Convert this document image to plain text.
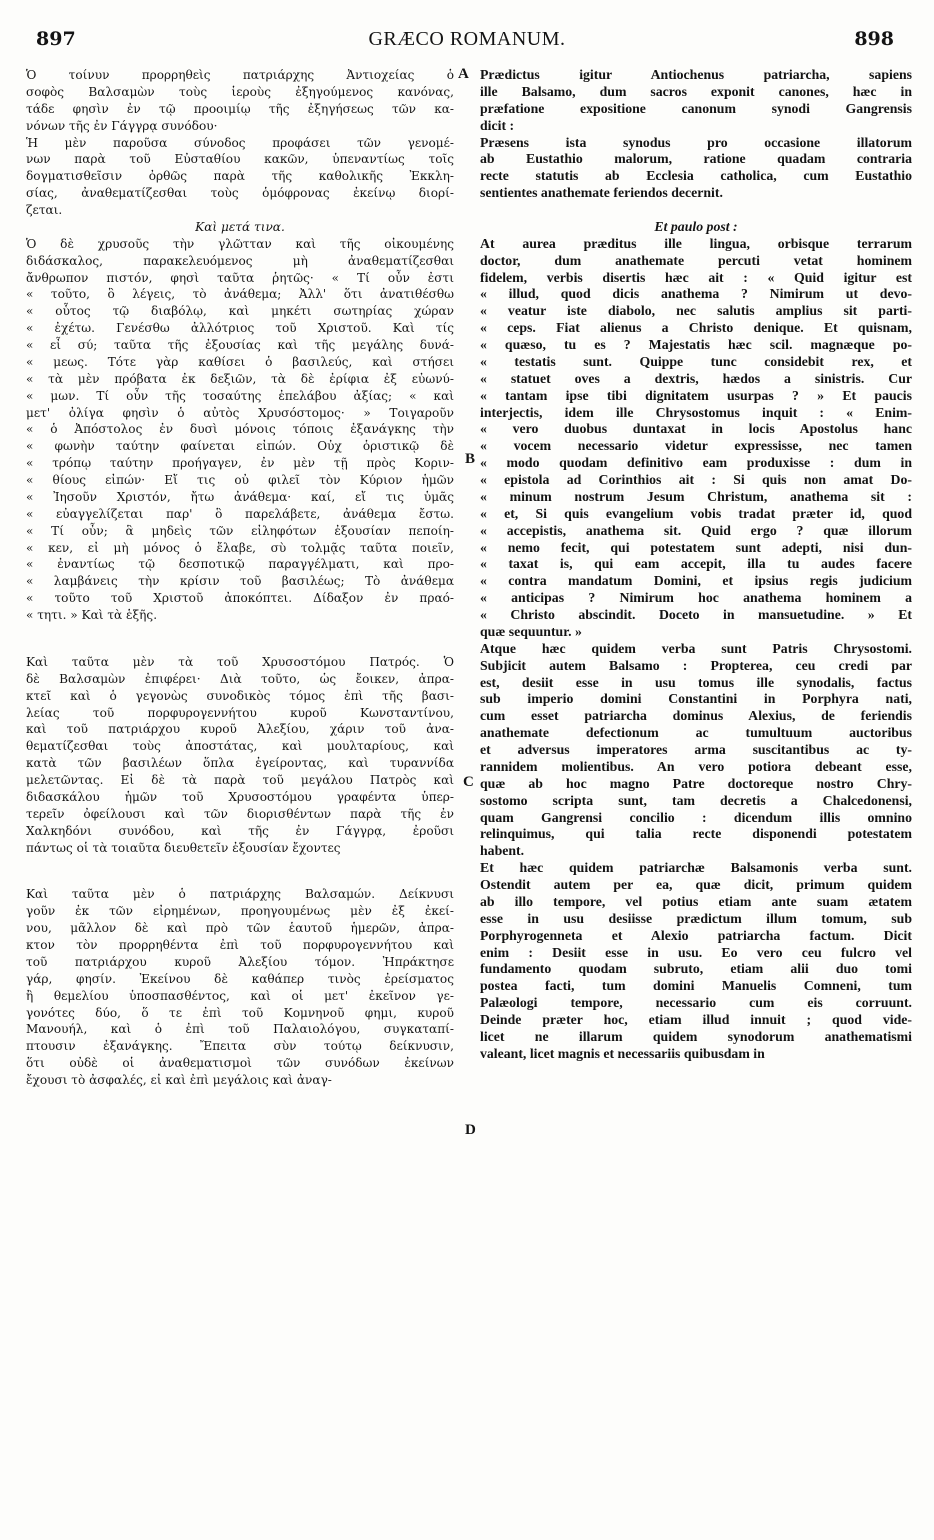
897	GRÆCO ROMANUM.	898
Ὁ τοίνυν προρρηθεὶς πατριάρχης Ἀντιοχείας ὁ
σοφὸς Βαλσαμὼν τοὺς ἱεροὺς ἐξηγούμενος κανόνας,
τάδε φησὶν ἐν τῷ προοιμίῳ τῆς ἐξηγήσεως τῶν κα-
νόνων τῆς ἐν Γάγγρᾳ συνόδου·
Ἡ μὲν παροῦσα σύνοδος προφάσει τῶν γενομέ-
νων παρὰ τοῦ Εὐσταθίου κακῶν, ὑπεναντίως τοῖς
δογματισθεῖσιν ὀρθῶς παρὰ τῆς καθολικῆς Ἐκκλη-
σίας, ἀναθεματίζεσθαι τοὺς ὁμόφρονας ἐκείνῳ διορί-
ζεται.
Καὶ μετά τινα.
Ὁ δὲ χρυσοῦς τὴν γλῶτταν καὶ τῆς οἰκουμένης
διδάσκαλος, παρακελευόμενος μὴ ἀναθεματίζεσθαι
ἄνθρωπον πιστόν, φησὶ ταῦτα ῥητῶς· « Τί οὖν ἐστι
« τοῦτο, ὃ λέγεις, τὸ ἀνάθεμα; Ἀλλ' ὅτι ἀνατιθέσθω
« οὗτος τῷ διαβόλῳ, καὶ μηκέτι σωτηρίας χώραν
« ἐχέτω. Γενέσθω ἀλλότριος τοῦ Χριστοῦ. Καὶ τίς
« εἶ σύ; ταῦτα τῆς ἐξουσίας καὶ τῆς μεγάλης δυνά-
« μεως. Τότε γὰρ καθίσει ὁ βασιλεύς, καὶ στήσει
« τὰ μὲν πρόβατα ἐκ δεξιῶν, τὰ δὲ ἐρίφια ἐξ εὐωνύ-
« μων. Τί οὖν τῆς τοσαύτης ἐπελάβου ἀξίας; « καὶ
μετ' ὀλίγα φησὶν ὁ αὐτὸς Χρυσόστομος· » Τοιγαροῦν
« ὁ Ἀπόστολος ἐν δυσὶ μόνοις τόποις ἐξανάγκης τὴν
« φωνὴν ταύτην φαίνεται εἰπών. Οὐχ ὁριστικῷ δὲ
« τρόπῳ ταύτην προήγαγεν, ἐν μὲν τῇ πρὸς Κοριν-
« θίους εἰπών· Εἴ τις οὐ φιλεῖ τὸν Κύριον ἡμῶν
« Ἰησοῦν Χριστόν, ἤτω ἀνάθεμα· καί, εἴ τις ὑμᾶς
« εὐαγγελίζεται παρ' ὃ παρελάβετε, ἀνάθεμα ἔστω.
« Τί οὖν; ἃ μηδεὶς τῶν εἰληφότων ἐξουσίαν πεποίη-
« κεν, εἰ μὴ μόνος ὁ ἔλαβε, σὺ τολμᾷς ταῦτα ποιεῖν,
« ἐναντίως τῷ δεσποτικῷ παραγγέλματι, καὶ προ-
« λαμβάνεις τὴν κρίσιν τοῦ βασιλέως; Τὸ ἀνάθεμα
« τοῦτο τοῦ Χριστοῦ ἀποκόπτει. Δίδαξον ἐν πραό-
« τητι. » Καὶ τὰ ἑξῆς.
Καὶ ταῦτα μὲν τὰ τοῦ Χρυσοστόμου Πατρός. Ὁ
δὲ Βαλσαμὼν ἐπιφέρει· Διὰ τοῦτο, ὡς ἔοικεν, ἀπρα-
κτεῖ καὶ ὁ γεγονὼς συνοδικὸς τόμος ἐπὶ τῆς βασι-
λείας τοῦ πορφυρογεννήτου κυροῦ Κωνσταντίνου,
καὶ τοῦ πατριάρχου κυροῦ Ἀλεξίου, χάριν τοῦ ἀνα-
θεματίζεσθαι τοὺς ἀποστάτας, καὶ μουλταρίους, καὶ
κατὰ τῶν βασιλέων ὅπλα ἐγείροντας, καὶ τυραννίδα
μελετῶντας. Εἰ δὲ τὰ παρὰ τοῦ μεγάλου Πατρὸς καὶ
διδασκάλου ἡμῶν τοῦ Χρυσοστόμου γραφέντα ὑπερ-
τερεῖν ὀφείλουσι καὶ τῶν διορισθέντων παρὰ τῆς ἐν
Χαλκηδόνι συνόδου, καὶ τῆς ἐν Γάγγρᾳ, ἐροῦσι
πάντως οἱ τὰ τοιαῦτα διευθετεῖν ἐξουσίαν ἔχοντες
Καὶ ταῦτα μὲν ὁ πατριάρχης Βαλσαμών. Δείκνυσι
γοῦν ἐκ τῶν εἰρημένων, προηγουμένως μὲν ἐξ ἐκεί-
νου, μᾶλλον δὲ καὶ πρὸ τῶν ἑαυτοῦ ἡμερῶν, ἀπρα-
κτον τὸν προρρηθέντα ἐπὶ τοῦ πορφυρογεννήτου καὶ
τοῦ πατριάρχου κυροῦ Ἀλεξίου τόμον. Ἠπράκτησε
γάρ, φησίν. Ἐκείνου δὲ καθάπερ τινὸς ἐρείσματος
ἢ θεμελίου ὑποσπασθέντος, καὶ οἱ μετ' ἐκεῖνον γε-
γονότες δύο, ὅ τε ἐπὶ τοῦ Κομνηνοῦ φημι, κυροῦ
Μανουήλ, καὶ ὁ ἐπὶ τοῦ Παλαιολόγου, συγκαταπί-
πτουσιν ἐξανάγκης. Ἔπειτα σὺν τούτῳ δείκνυσιν,
ὅτι οὐδὲ οἱ ἀναθεματισμοὶ τῶν συνόδων ἐκείνων
ἔχουσι τὸ ἀσφαλές, εἰ καὶ ἐπὶ μεγάλοις καὶ ἀναγ-
Prædictus igitur Antiochenus patriarcha, sapiens
ille Balsamo, dum sacros exponit canones, hæc in
præfatione expositione canonum synodi Gangrensis
dicit :
Præsens ista synodus pro occasione illatorum
ab Eustathio malorum, ratione quadam contraria
recte statutis ab Ecclesia catholica, cum Eustathio
sentientes anathemate feriendos decernit.
Et paulo post :
At aurea præditus ille lingua, orbisque terrarum
doctor, dum anathemate percuti vetat hominem
fidelem, verbis disertis hæc ait : « Quid igitur est
« illud, quod dicis anathema ? Nimirum ut devo-
« veatur iste diabolo, nec salutis amplius sit parti-
« ceps. Fiat alienus a Christo denique. Et quisnam,
« quæso, tu es ? Majestatis hæc scil. magnæque po-
« testatis sunt. Quippe tunc considebit rex, et
« statuet oves a dextris, hædos a sinistris. Cur
« tantam ipse tibi dignitatem usurpas ? » Et paucis
interjectis, idem ille Chrysostomus inquit : « Enim-
« vero duobus duntaxat in locis Apostolus hanc
« vocem necessario videtur expressisse, nec tamen
« modo quodam definitivo eam produxisse : dum in
« epistola ad Corinthios ait : Si quis non amat Do-
« minum nostrum Jesum Christum, anathema sit :
« et, Si quis evangelium vobis tradat præter id, quod
« accepistis, anathema sit. Quid ergo ? quæ illorum
« nemo fecit, qui potestatem sunt adepti, nisi dun-
« taxat is, qui eam accepit, illa tu audes facere
« contra mandatum Domini, et ipsius regis judicium
« anticipas ? Nimirum hoc anathema hominem a
« Christo abscindit. Doceto in mansuetudine. » Et
quæ sequuntur. »
Atque hæc quidem verba sunt Patris Chrysostomi.
Subjicit autem Balsamo : Propterea, ceu credi par
est, desiit esse in usu tomus ille synodalis, factus
sub imperio domini Constantini in Porphyra nati,
cum esset patriarcha dominus Alexius, de feriendis
anathemate defectionum ac tumultuum auctoribus
et adversus imperatores arma suscitantibus ac ty-
rannidem molientibus. An vero potiora debeant esse,
quæ ab hoc magno Patre doctoreque nostro Chry-
sostomo scripta sunt, tam decretis a Chalcedonensi,
quam Gangrensi concilio : dicendum illis omnino
relinquimus, qui talia recte disponendi potestatem
habent.
Et hæc quidem patriarchæ Balsamonis verba sunt.
Ostendit autem per ea, quæ dicit, primum quidem
ab illo tempore, vel potius etiam ante suam ætatem
esse in usu desiisse prædictum illum tomum, sub
Porphyrogenneta et Alexio patriarcha factum. Dicit
enim : Desiit esse in usu. Eo vero ceu fulcro vel
fundamento quodam subruto, etiam alii duo tomi
postea facti, tum domini Manuelis Comneni, tum
Palæologi tempore, necessario cum eis corruunt.
Deinde præter hoc, etiam illud innuit ; quod vide-
licet ne illarum quidem synodorum anathematismi
valeant, licet magnis et necessariis quibusdam in
A
B
C
D
